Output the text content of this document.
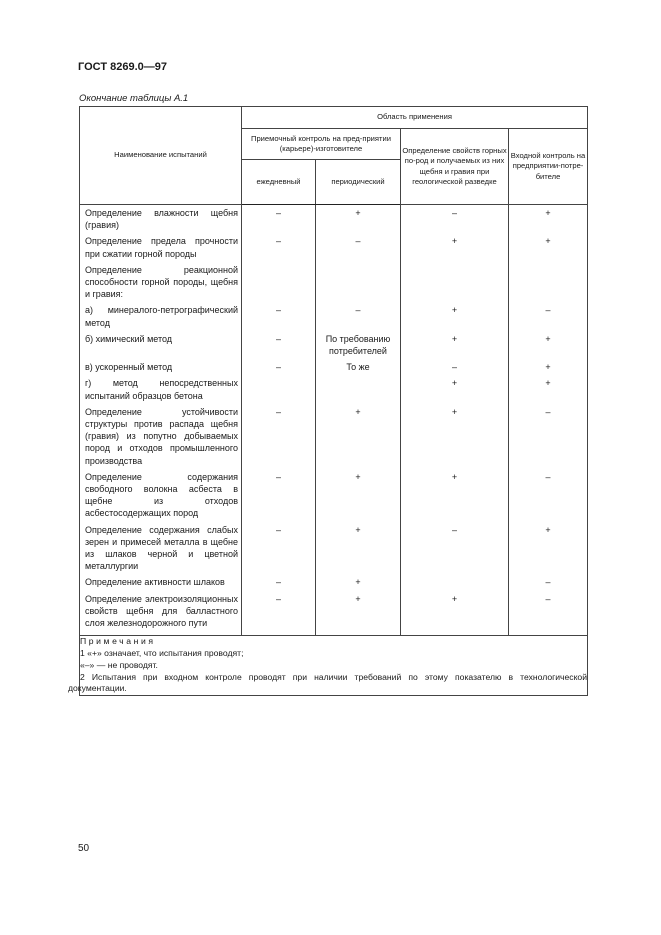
ГОСТ 8269.0—97
Окончание таблицы А.1
Наименование испытаний	Область применения			
	Приемочный контроль на пред-приятии (карьере)-изготовителе		Определение свойств горных по-род и получаемых из них щебня и гравия при геологической разведке	Входной контроль на предприятии-потре-бителе
	ежедневный	периодический		
Определение влажности щебня (гравия)	–	+	–	+
Определение предела прочности при сжатии горной породы	–	–	+	+
Определение реакционной способности горной породы, щебня и гравия:				
а) минералого-петрографический метод	–	–	+	–
б) химический метод	–	По требованию потребителей	+	+
в) ускоренный метод	–	То же	–	+
г) метод непосредственных испытаний образцов бетона			+	+
Определение устойчивости структуры против распада щебня (гравия) из попутно добываемых пород и отходов промышленного производства	–	+	+	–
Определение содержания свободного волокна асбеста в щебне из отходов асбестосодержащих пород	–	+	+	–
Определение содержания слабых зерен и примесей металла в щебне из шлаков черной и цветной металлургии	–	+	–	+
Определение активности шлаков	–	+		–
Определение электроизоляционных свойств щебня для балластного слоя железнодорожного пути	–	+	+	–

Примечания
1 «+» означает, что испытания проводят;
«–» — не проводят.
2 Испытания при входном контроле проводят при наличии требований по этому показателю в технологической документации.				
50
